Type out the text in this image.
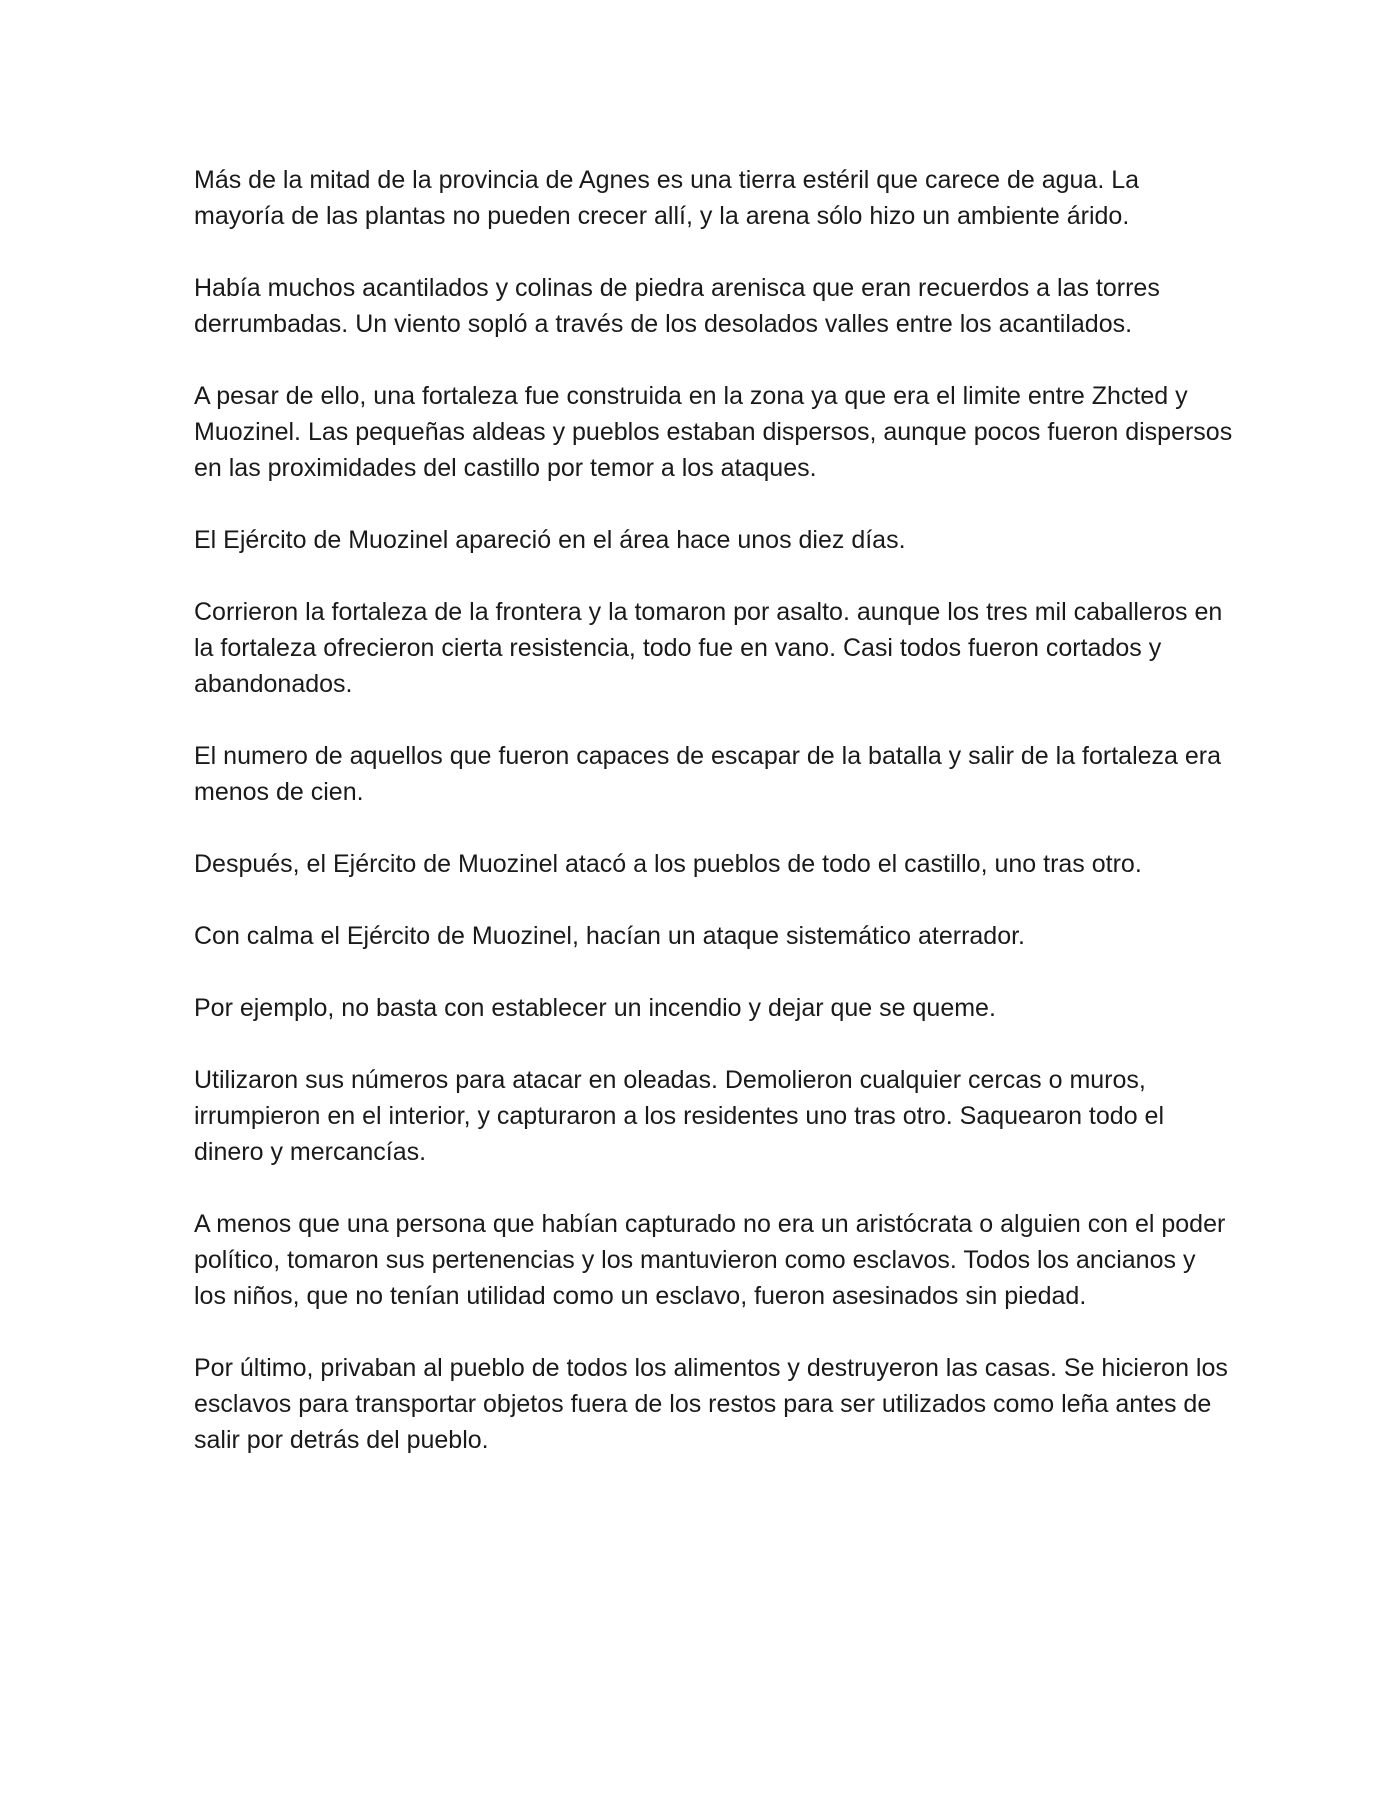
Más de la mitad de la provincia de Agnes es una tierra estéril que carece de agua. La mayoría de las plantas no pueden crecer allí, y la arena sólo hizo un ambiente árido.

Había muchos acantilados y colinas de piedra arenisca que eran recuerdos a las torres derrumbadas. Un viento sopló a través de los desolados valles entre los acantilados.

A pesar de ello, una fortaleza fue construida en la zona ya que era el limite entre Zhcted y Muozinel. Las pequeñas aldeas y pueblos estaban dispersos, aunque pocos fueron dispersos en las proximidades del castillo por temor a los ataques.

El Ejército de Muozinel apareció en el área hace unos diez días.

Corrieron la fortaleza de la frontera y la tomaron por asalto. aunque los tres mil caballeros en la fortaleza ofrecieron cierta resistencia, todo fue en vano. Casi todos fueron cortados y abandonados.

El numero de aquellos que fueron capaces de escapar de la batalla y salir de la fortaleza era menos de cien.

Después, el Ejército de Muozinel atacó a los pueblos de todo el castillo, uno tras otro.

Con calma el Ejército de Muozinel, hacían un ataque sistemático aterrador.

Por ejemplo, no basta con establecer un incendio y dejar que se queme.

Utilizaron sus números para atacar en oleadas. Demolieron cualquier cercas o muros, irrumpieron en el interior, y capturaron a los residentes uno tras otro. Saquearon todo el dinero y mercancías.

A menos que una persona que habían capturado no era un aristócrata o alguien con el poder político, tomaron sus pertenencias y los mantuvieron como esclavos. Todos los ancianos y los niños, que no tenían utilidad como un esclavo, fueron asesinados sin piedad.

Por último, privaban al pueblo de todos los alimentos y destruyeron las casas. Se hicieron los esclavos para transportar objetos fuera de los restos para ser utilizados como leña antes de salir por detrás del pueblo.
